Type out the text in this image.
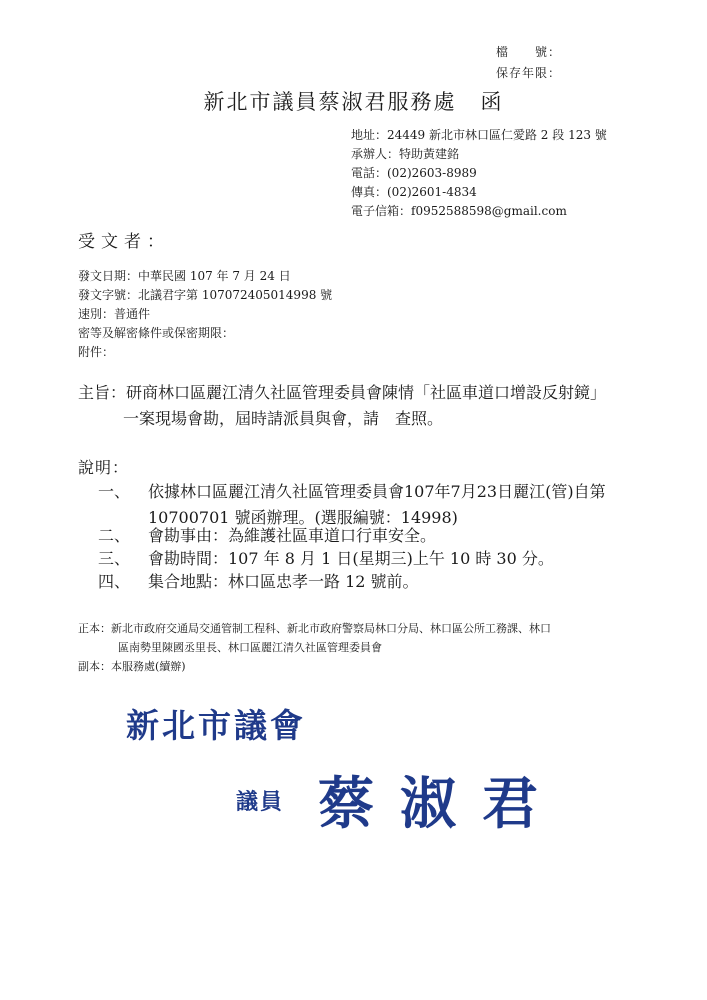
檔　　號：
保存年限：
新北市議員蔡淑君服務處 函
地址：24449 新北市林口區仁愛路 2 段 123 號
承辦人：特助黃建銘
電話：(02)2603-8989
傳真：(02)2601-4834
電子信箱：f0952588598@gmail.com
受文者：
發文日期：中華民國 107 年 7 月 24 日
發文字號：北議君字第 107072405014998 號
速別：普通件
密等及解密條件或保密期限：
附件：
主旨：研商林口區麗江清久社區管理委員會陳情「社區車道口增設反射鏡」
一案現場會勘，屆時請派員與會，請　查照。
說明：
一、 依據林口區麗江清久社區管理委員會107年7月23日麗江(管)自第
10700701 號函辦理。(選服編號：14998)
二、 會勘事由：為維護社區車道口行車安全。
三、 會勘時間：107 年 8 月 1 日(星期三)上午 10 時 30 分。
四、 集合地點：林口區忠孝一路 12 號前。
正本：新北市政府交通局交通管制工程科、新北市政府警察局林口分局、林口區公所工務課、林口
區南勢里陳國丞里長、林口區麗江清久社區管理委員會
副本：本服務處(續辦)
新北市議會
議員 蔡淑君
